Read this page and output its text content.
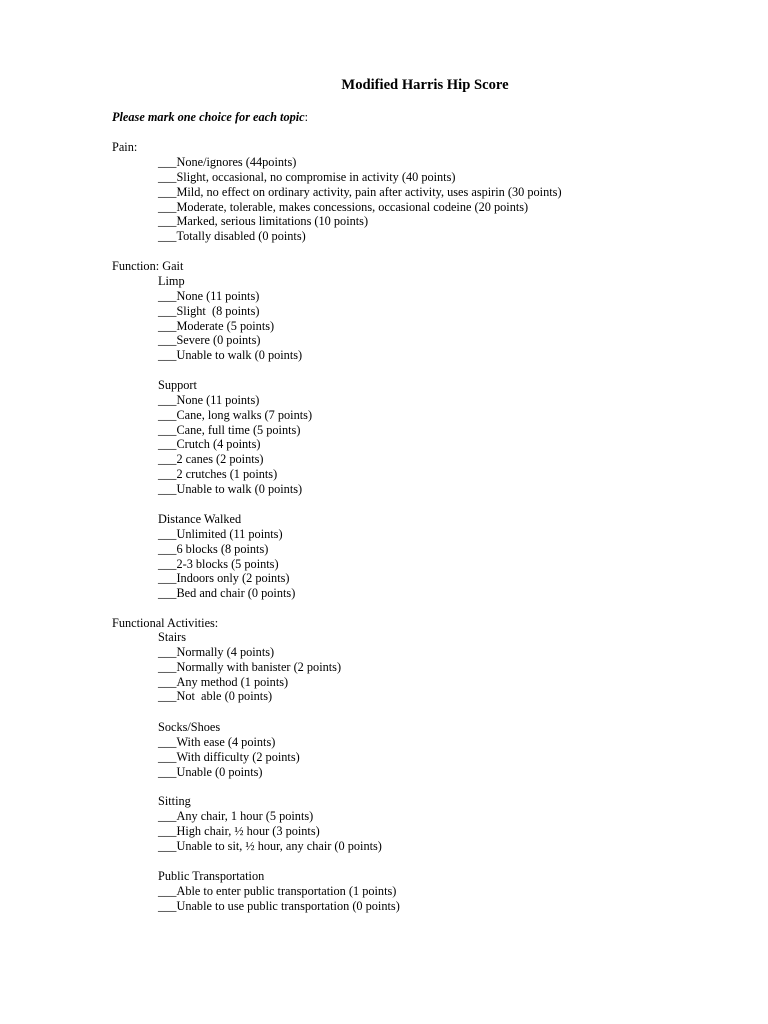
Modified Harris Hip Score
Please mark one choice for each topic:
Pain:
___None/ignores (44points)
___Slight, occasional, no compromise in activity (40 points)
___Mild, no effect on ordinary activity, pain after activity, uses aspirin (30 points)
___Moderate, tolerable, makes concessions, occasional codeine (20 points)
___Marked, serious limitations (10 points)
___Totally disabled (0 points)
Function: Gait
Limp
___None (11 points)
___Slight  (8 points)
___Moderate (5 points)
___Severe (0 points)
___Unable to walk (0 points)
Support
___None (11 points)
___Cane, long walks (7 points)
___Cane, full time (5 points)
___Crutch (4 points)
___2 canes (2 points)
___2 crutches (1 points)
___Unable to walk (0 points)
Distance Walked
___Unlimited (11 points)
___6 blocks (8 points)
___2-3 blocks (5 points)
___Indoors only (2 points)
___Bed and chair (0 points)
Functional Activities:
Stairs
___Normally (4 points)
___Normally with banister (2 points)
___Any method (1 points)
___Not  able (0 points)
Socks/Shoes
___With ease (4 points)
___With difficulty (2 points)
___Unable (0 points)
Sitting
___Any chair, 1 hour (5 points)
___High chair, ½ hour (3 points)
___Unable to sit, ½ hour, any chair (0 points)
Public Transportation
___Able to enter public transportation (1 points)
___Unable to use public transportation (0 points)
